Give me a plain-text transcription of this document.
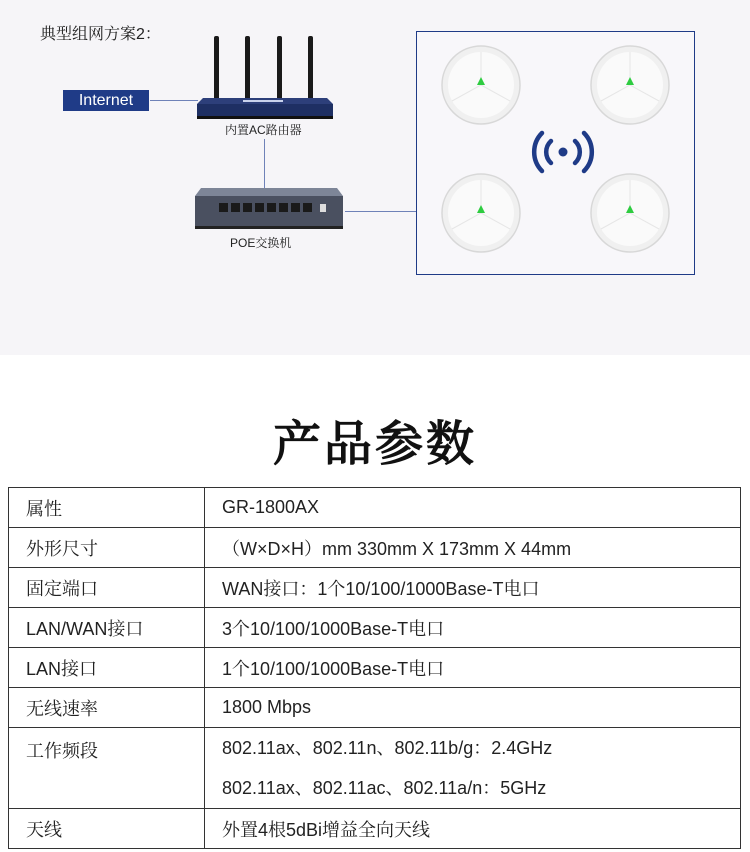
典型组网方案2：
Internet
内置AC路由器
POE交换机
产品参数
属性	GR-1800AX
外形尺寸	（W×D×H）mm 330mm X 173mm X 44mm
固定端口	WAN接口：1个10/100/1000Base-T电口
LAN/WAN接口	3个10/100/1000Base-T电口
LAN接口	1个10/100/1000Base-T电口
无线速率	1800 Mbps
工作频段	802.11ax、802.11n、802.11b/g：2.4GHz
802.11ax、802.11ac、802.11a/n：5GHz

天线	外置4根5dBi增益全向天线
